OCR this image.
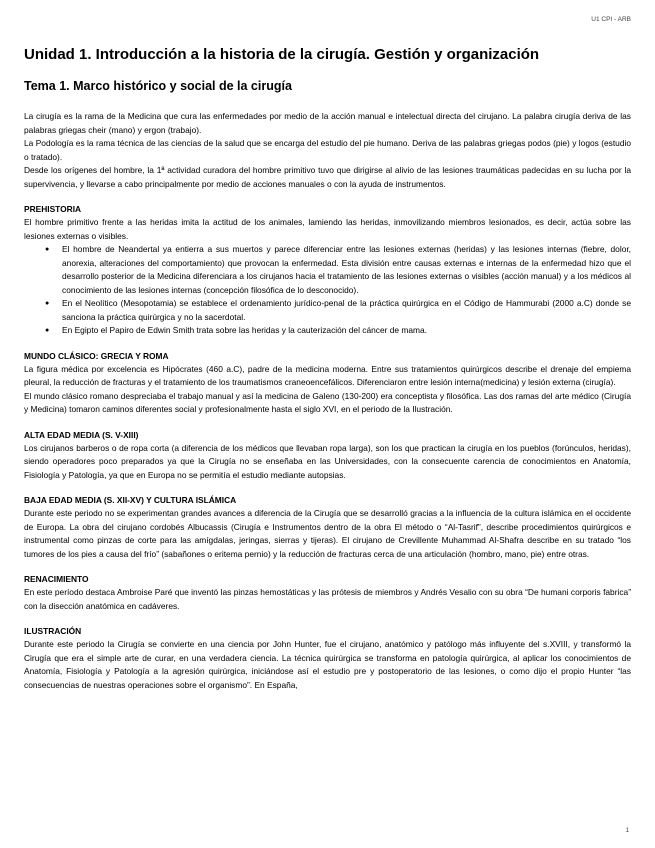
U1 CPI - ARB
Unidad 1. Introducción a la historia de la cirugía. Gestión y organización
Tema 1. Marco histórico y social de la cirugía

La cirugía es la rama de la Medicina que cura las enfermedades por medio de la acción manual e intelectual directa del cirujano. La palabra cirugía deriva de las palabras griegas cheir (mano) y ergon (trabajo).

La Podología es la rama técnica de las ciencias de la salud que se encarga del estudio del pie humano. Deriva de las palabras griegas podos (pie) y logos (estudio o tratado).

Desde los orígenes del hombre, la 1ª actividad curadora del hombre primitivo tuvo que dirigirse al alivio de las lesiones traumáticas padecidas en su lucha por la supervivencia, y llevarse a cabo principalmente por medio de acciones manuales o con la ayuda de instrumentos.

PREHISTORIA

El hombre primitivo frente a las heridas imita la actitud de los animales, lamiendo las heridas, inmovilizando miembros lesionados, es decir, actúa sobre las lesiones externas o visibles.

● El hombre de Neandertal ya entierra a sus muertos y parece diferenciar entre las lesiones externas (heridas) y las lesiones internas (fiebre, dolor, anorexia, alteraciones del comportamiento) que provocan la enfermedad. Esta división entre causas externas e internas de la enfermedad hizo que el desarrollo posterior de la Medicina diferenciara a los cirujanos hacia el tratamiento de las lesiones externas o visibles (acción manual) y a los médicos al conocimiento de las lesiones internas (concepción filosófica de lo desconocido).
● En el Neolítico (Mesopotamia) se establece el ordenamiento jurídico-penal de la práctica quirúrgica en el Código de Hammurabi (2000 a.C) donde se sanciona la práctica quirúrgica y no la sacerdotal.
● En Egipto el Papiro de Edwin Smith trata sobre las heridas y la cauterización del cáncer de mama.
MUNDO CLÁSICO: GRECIA Y ROMA

La figura médica por excelencia es Hipócrates (460 a.C), padre de la medicina moderna. Entre sus tratamientos quirúrgicos describe el drenaje del empiema pleural, la reducción de fracturas y el tratamiento de los traumatismos craneoencefálicos. Diferenciaron entre lesión interna(medicina) y lesión externa (cirugía).

El mundo clásico romano despreciaba el trabajo manual y así la medicina de Galeno (130-200) era conceptista y filosófica. Las dos ramas del arte médico (Cirugía y Medicina) tomaron caminos diferentes social y profesionalmente hasta el siglo XVI, en el periodo de la Ilustración.

ALTA EDAD MEDIA (S. V-XIII)

Los cirujanos barberos o de ropa corta (a diferencia de los médicos que llevaban ropa larga), son los que practican la cirugía en los pueblos (forúnculos, heridas), siendo operadores poco preparados ya que la Cirugía no se enseñaba en las Universidades, con la consecuente carencia de conocimientos en Anatomía, Fisiología y Patología, ya que en Europa no se permitía el estudio mediante autopsias.

BAJA EDAD MEDIA (S. XII-XV) Y CULTURA ISLÁMICA

Durante este periodo no se experimentan grandes avances a diferencia de la Cirugía que se desarrolló gracias a la influencia de la cultura islámica en el occidente de Europa. La obra del cirujano cordobés Albucassis (Cirugía e Instrumentos dentro de la obra El método o “Al-Tasrif”, describe procedimientos quirúrgicos e instrumental como pinzas de corte para las amígdalas, jeringas, sierras y tijeras). El cirujano de Crevillente Muhammad Al-Shafra describe en su tratado “los tumores de los pies a causa del frío” (sabañones o eritema pernio) y la reducción de fracturas cerca de una articulación (hombro, mano, pie) entre otras.

RENACIMIENTO

En este período destaca Ambroise Paré que inventó las pinzas hemostáticas y las prótesis de miembros y Andrés Vesalio con su obra “De humani corporis fabrica” con la disección anatómica en cadáveres.

ILUSTRACIÓN

Durante este periodo la Cirugía se convierte en una ciencia por John Hunter, fue el cirujano, anatómico y patólogo más influyente del s.XVIII, y transformó la Cirugía que era el simple arte de curar, en una verdadera ciencia. La técnica quirúrgica se transforma en patología quirúrgica, al aplicar los conocimientos de Anatomía, Fisiología y Patología a la agresión quirúrgica, iniciándose así el estudio pre y postoperatorio de las lesiones, o como dijo el propio Hunter “las consecuencias de nuestras operaciones sobre el organismo”. En España,

1
